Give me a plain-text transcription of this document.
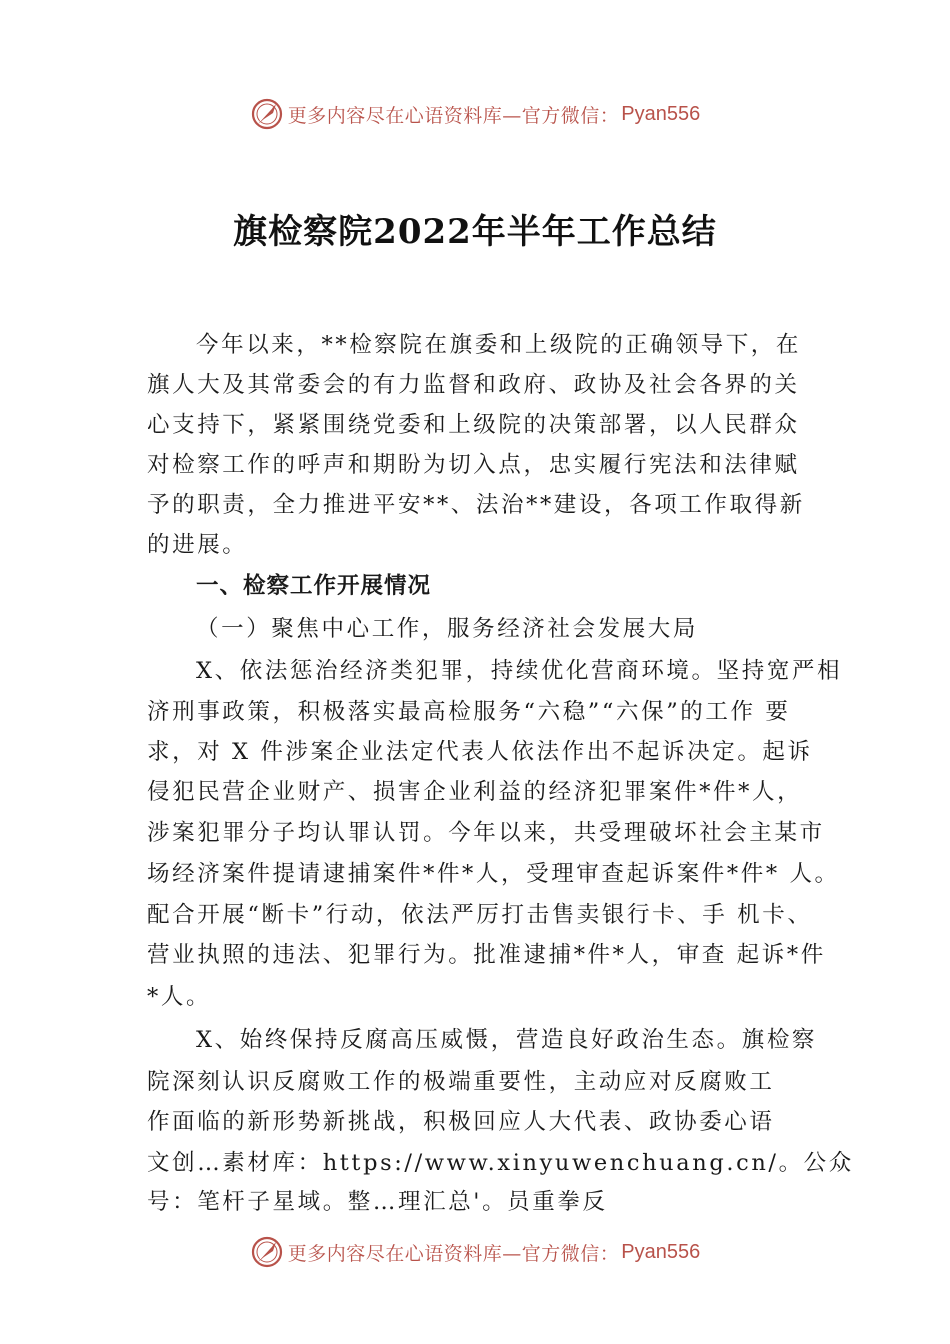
更多内容尽在心语资料库—官方微信： Pyan556
旗检察院2022年半年工作总结
今年以来，**检察院在旗委和上级院的正确领导下，在
旗人大及其常委会的有力监督和政府、政协及社会各界的关
心支持下，紧紧围绕党委和上级院的决策部署，以人民群众
对检察工作的呼声和期盼为切入点，忠实履行宪法和法律赋
予的职责，全力推进平安**、法治**建设，各项工作取得新
的进展。
一、检察工作开展情况
（一）聚焦中心工作，服务经济社会发展大局
X、依法惩治经济类犯罪，持续优化营商环境。坚持宽严相
济刑事政策，积极落实最高检服务“六稳”“六保”的工作 要
求，对 X 件涉案企业法定代表人依法作出不起诉决定。起诉
侵犯民营企业财产、损害企业利益的经济犯罪案件*件*人，
涉案犯罪分子均认罪认罚。今年以来，共受理破坏社会主某市
场经济案件提请逮捕案件*件*人，受理审查起诉案件*件* 人。
配合开展“断卡”行动，依法严厉打击售卖银行卡、手 机卡、
营业执照的违法、犯罪行为。批准逮捕*件*人，审查 起诉*件
*人。
X、始终保持反腐高压威慑，营造良好政治生态。旗检察
院深刻认识反腐败工作的极端重要性，主动应对反腐败工
作面临的新形势新挑战，积极回应人大代表、政协委心语
文创…素材库：https://www.xinyuwenchuang.cn/。公众
号：笔杆子星域。整…理汇总'。员重拳反
更多内容尽在心语资料库—官方微信： Pyan556
